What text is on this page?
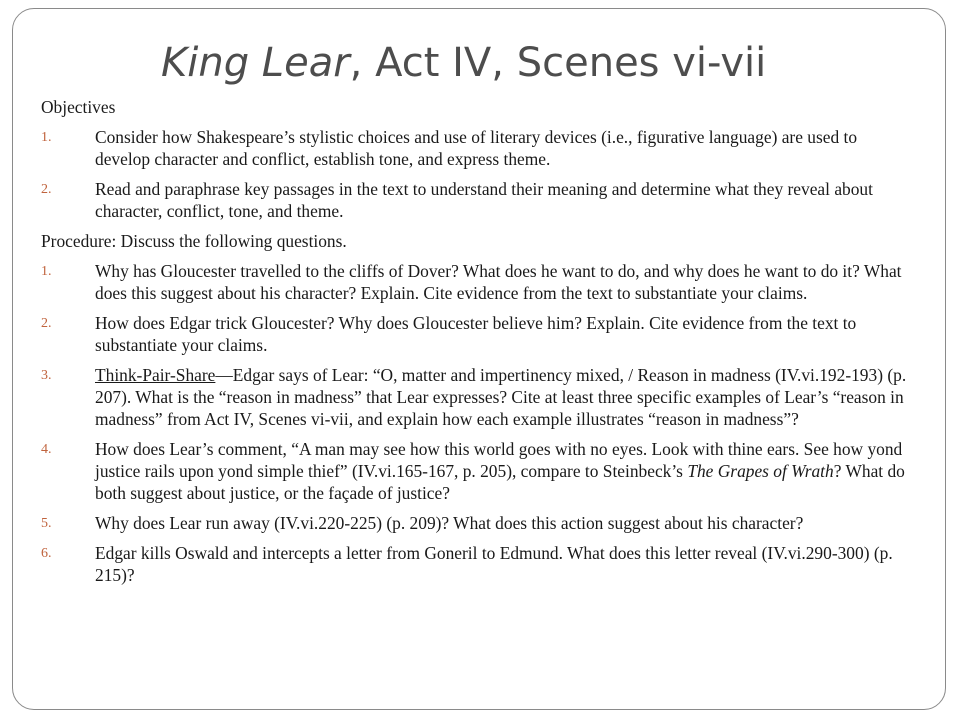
King Lear, Act IV, Scenes vi-vii

Objectives

1.	Consider how Shakespeare’s stylistic choices and use of literary devices (i.e., figurative language) are used to develop character and conflict, establish tone, and express theme.
2.	Read and paraphrase key passages in the text to understand their meaning and determine what they reveal about character, conflict, tone, and theme.

Procedure: Discuss the following questions.

1.	Why has Gloucester travelled to the cliffs of Dover? What does he want to do, and why does he want to do it? What does this suggest about his character? Explain. Cite evidence from the text to substantiate your claims.
2.	How does Edgar trick Gloucester? Why does Gloucester believe him? Explain. Cite evidence from the text to substantiate your claims.
3.	Think-Pair-Share—Edgar says of Lear: “O, matter and impertinency mixed, / Reason in madness (IV.vi.192-193) (p. 207). What is the “reason in madness” that Lear expresses? Cite at least three specific examples of Lear’s “reason in madness” from Act IV, Scenes vi-vii, and explain how each example illustrates “reason in madness”?
4.	How does Lear’s comment, “A man may see how this world goes with no eyes. Look with thine ears. See how yond justice rails upon yond simple thief” (IV.vi.165-167, p. 205), compare to Steinbeck’s The Grapes of Wrath? What do both suggest about justice, or the façade of justice?
5.	Why does Lear run away (IV.vi.220-225) (p. 209)? What does this action suggest about his character?
6.	Edgar kills Oswald and intercepts a letter from Goneril to Edmund. What does this letter reveal (IV.vi.290-300) (p. 215)?
